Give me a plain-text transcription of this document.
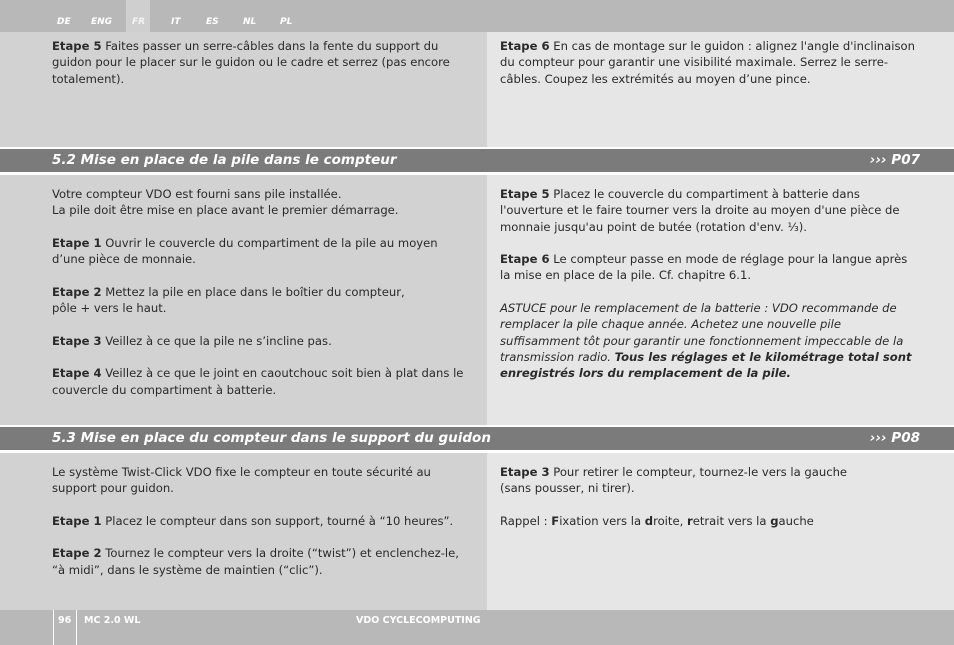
DE ENG FR	IT	ES	NL	PL
Etape 5 Faites passer un serre-câbles dans la fente du support du guidon pour le placer sur le guidon ou le cadre et serrez (pas encore totalement).
Etape 6 En cas de montage sur le guidon : alignez l'angle d'inclinaison du compteur pour garantir une visibilité maximale. Serrez le serre-câbles. Coupez les extrémités au moyen d’une pince.
5.2 Mise en place de la pile dans le compteur	››› P07
Votre compteur VDO est fourni sans pile installée.
La pile doit être mise en place avant le premier démarrage.
Etape 1 Ouvrir le couvercle du compartiment de la pile au moyen d’une pièce de monnaie.
Etape 2 Mettez la pile en place dans le boîtier du compteur,
pôle + vers le haut.
Etape 3 Veillez à ce que la pile ne s’incline pas.
Etape 4 Veillez à ce que le joint en caoutchouc soit bien à plat dans le couvercle du compartiment à batterie.
Etape 5 Placez le couvercle du compartiment à batterie dans l'ouverture et le faire tourner vers la droite au moyen d'une pièce de monnaie jusqu'au point de butée (rotation d'env. ⅓).
Etape 6 Le compteur passe en mode de réglage pour la langue après la mise en place de la pile. Cf. chapitre 6.1.
ASTUCE pour le remplacement de la batterie : VDO recommande de remplacer la pile chaque année. Achetez une nouvelle pile suffisamment tôt pour garantir une fonctionnement impeccable de la transmission radio. Tous les réglages et le kilométrage total sont enregistrés lors du remplacement de la pile.
5.3 Mise en place du compteur dans le support du guidon	››› P08
Le système Twist-Click VDO fixe le compteur en toute sécurité au support pour guidon.
Etape 1 Placez le compteur dans son support, tourné à “10 heures”.
Etape 2 Tournez le compteur vers la droite (“twist”) et enclenchez-le, “à midi”, dans le système de maintien (“clic”).
Etape 3 Pour retirer le compteur, tournez-le vers la gauche
(sans pousser, ni tirer).
Rappel : Fixation vers la droite, retrait vers la gauche
96 MC 2.0 WL	VDO CYCLECOMPUTING
